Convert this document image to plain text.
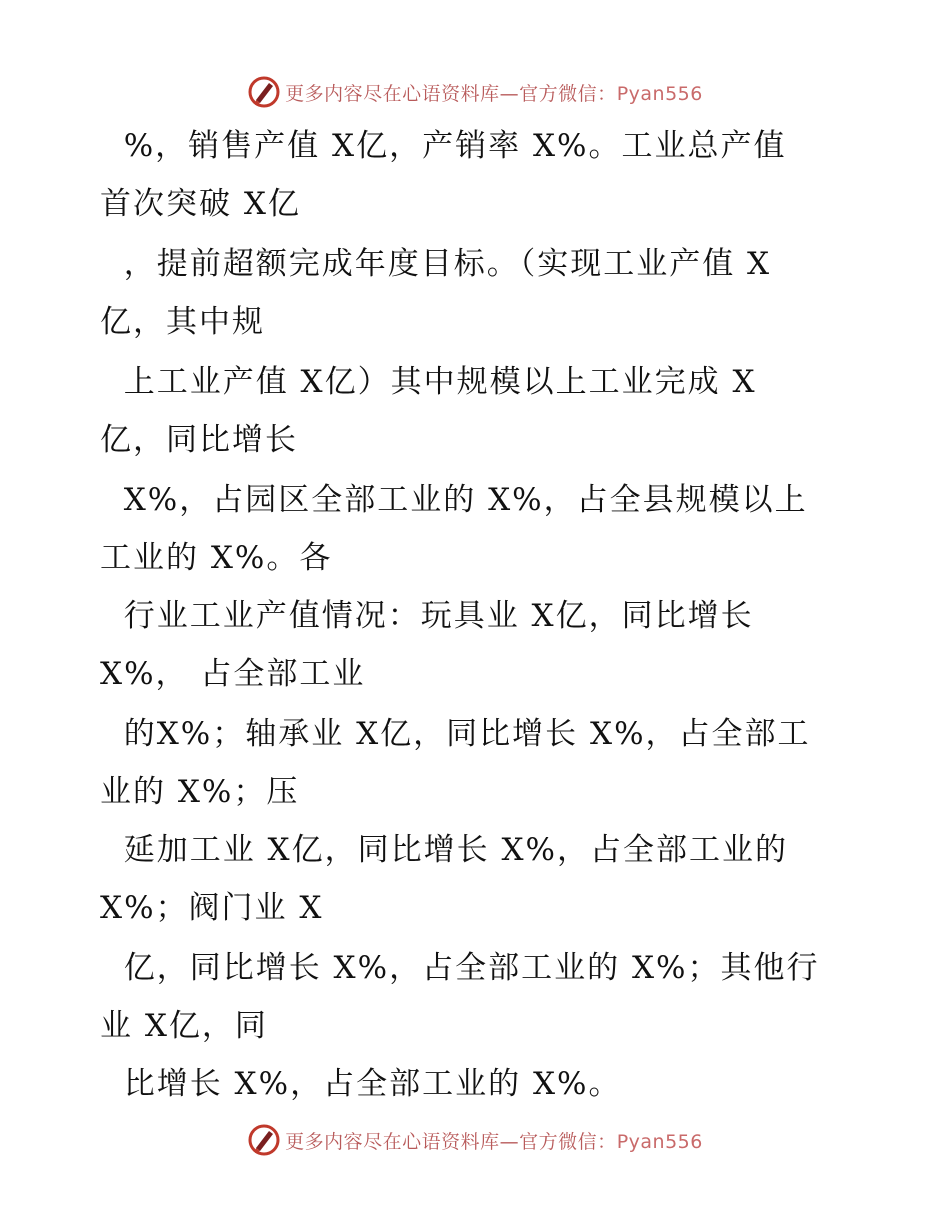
更多内容尽在心语资料库—官方微信：Pyan556
%，销售产值 X亿，产销率 X%。工业总产值
首次突破 X亿
，提前超额完成年度目标。（实现工业产值 X
亿，其中规
上工业产值 X亿）其中规模以上工业完成 X
亿，同比增长
X%，占园区全部工业的 X%，占全县规模以上
工业的 X%。各
行业工业产值情况：玩具业 X亿，同比增长
X%， 占全部工业
的X%；轴承业 X亿，同比增长 X%，占全部工
业的 X%；压
延加工业 X亿，同比增长 X%，占全部工业的
X%；阀门业 X
亿，同比增长 X%，占全部工业的 X%；其他行
业 X亿，同
比增长 X%，占全部工业的 X%。
更多内容尽在心语资料库—官方微信：Pyan556
